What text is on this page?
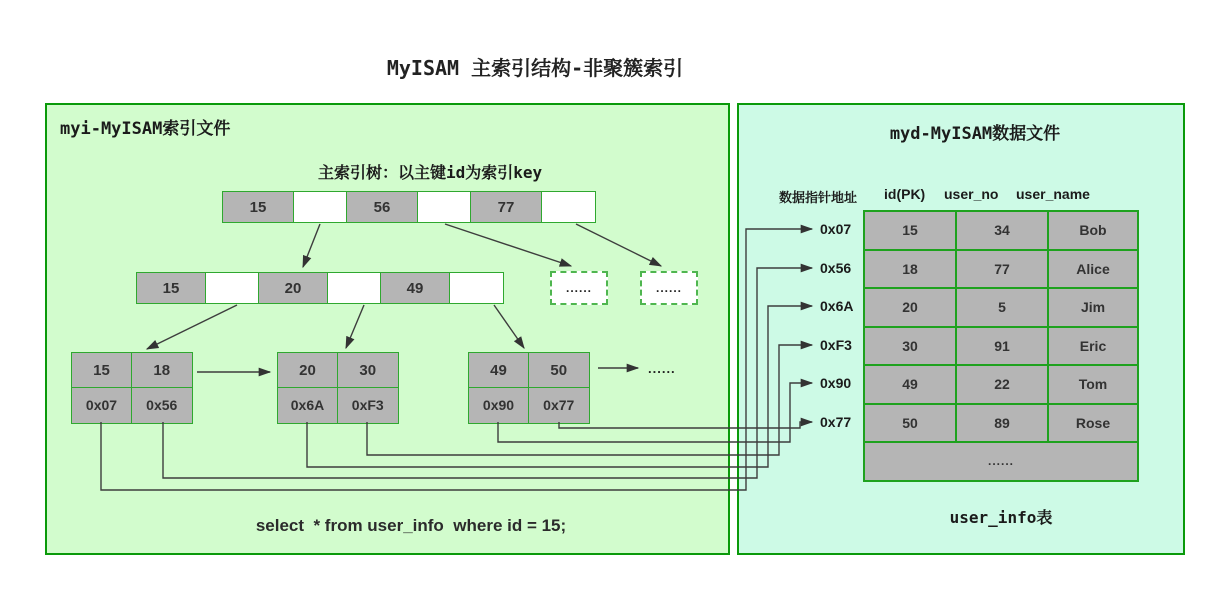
MyISAM 主索引结构-非聚簇索引
myi-MyISAM索引文件	myd-MyISAM数据文件
主索引树：以主键id为索引key
15	56	77
15	20	49	......	......
15	18
0x07	0x56
20	30
0x6A	0xF3
49	50
0x90	0x77
......
select  * from user_info  where id = 15;
数据指针地址 id(PK) user_no user_name
0x07
0x56
0x6A
0xF3
0x90
0x77
15	34	Bob
18	77	Alice
20	5	Jim
30	91	Eric
49	22	Tom
50	89	Rose
......
user_info表
